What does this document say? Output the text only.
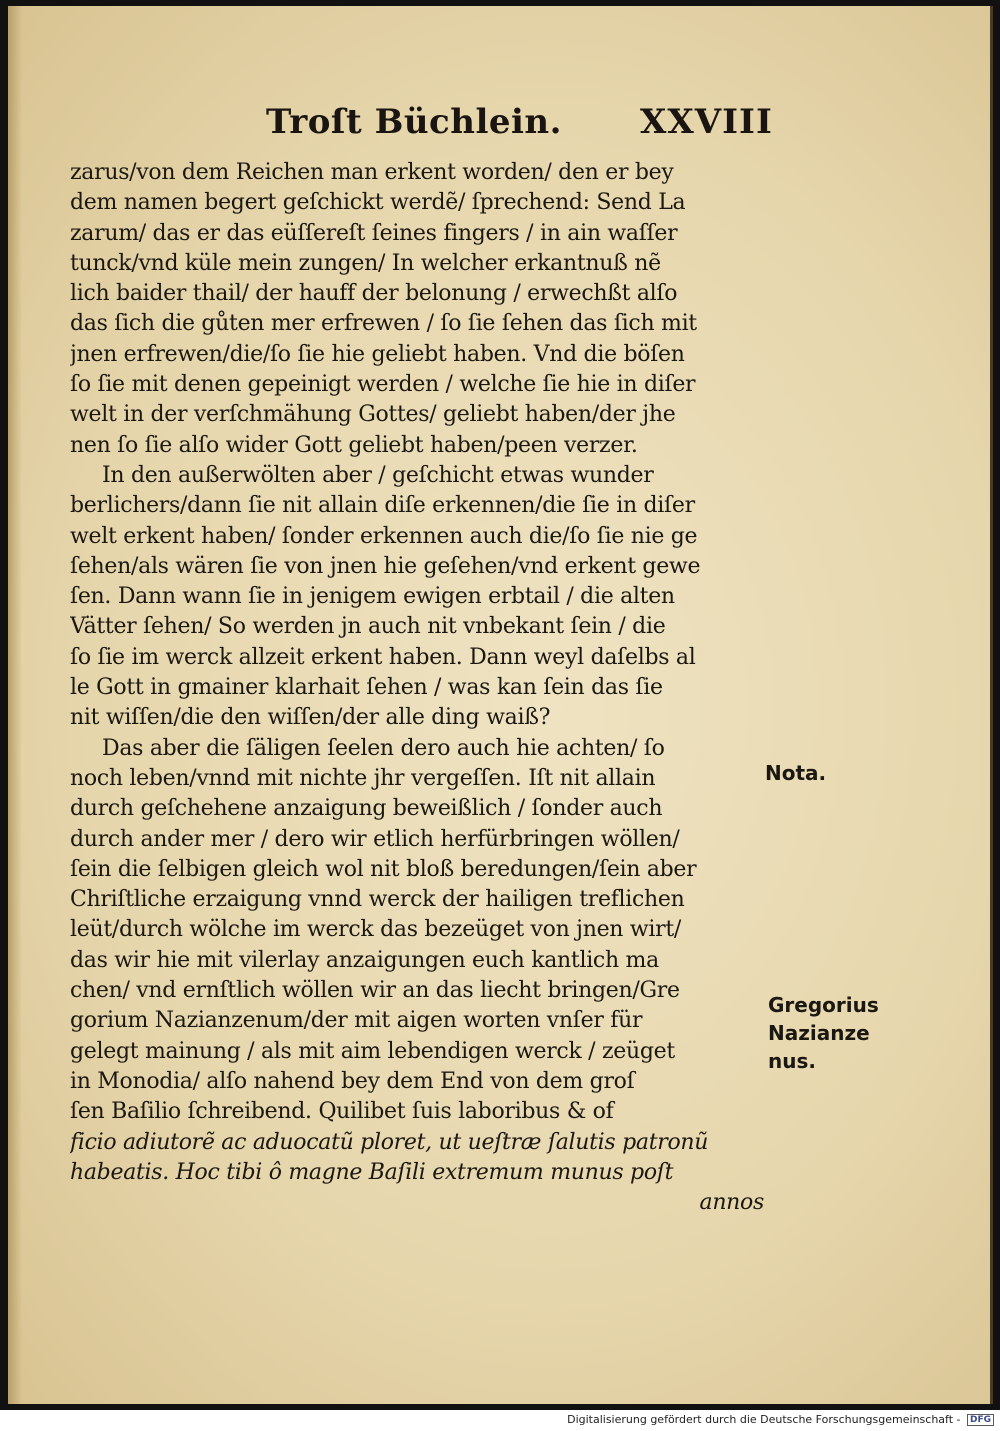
Troſt Büchlein. XXVIII
zarus/von dem Reichen man erkent worden/ den er bey
dem namen begert geſchickt werdẽ/ ſprechend: Send La
zarum/ das er das eüſſereſt ſeines fingers / in ain waſſer
tunck/vnd küle mein zungen/ In welcher erkantnuß nẽ
lich baider thail/ der hauff der belonung / erwechßt alſo
das ſich die gůten mer erfrewen / ſo ſie ſehen das ſich mit
jnen erfrewen/die/ſo ſie hie geliebt haben. Vnd die böſen
ſo ſie mit denen gepeinigt werden / welche ſie hie in diſer
welt in der verſchmähung Gottes/ geliebt haben/der jhe
nen ſo ſie alſo wider Gott geliebt haben/peen verzer.
In den außerwölten aber / geſchicht etwas wunder
berlichers/dann ſie nit allain diſe erkennen/die ſie in diſer
welt erkent haben/ ſonder erkennen auch die/ſo ſie nie ge
ſehen/als wären ſie von jnen hie geſehen/vnd erkent gewe
ſen. Dann wann ſie in jenigem ewigen erbtail / die alten
Vätter ſehen/ So werden jn auch nit vnbekant ſein / die
ſo ſie im werck allzeit erkent haben. Dann weyl daſelbs al
le Gott in gmainer klarhait ſehen / was kan ſein das ſie
nit wiſſen/die den wiſſen/der alle ding waiß?
Das aber die ſäligen ſeelen dero auch hie achten/ ſo
noch leben/vnnd mit nichte jhr vergeſſen. Iſt nit allain
durch geſchehene anzaigung beweißlich / ſonder auch
durch ander mer / dero wir etlich herfürbringen wöllen/
ſein die ſelbigen gleich wol nit bloß beredungen/ſein aber
Chriſtliche erzaigung vnnd werck der hailigen treflichen
leüt/durch wölche im werck das bezeüget von jnen wirt/
das wir hie mit vilerlay anzaigungen euch kantlich ma
chen/ vnd ernſtlich wöllen wir an das liecht bringen/Gre
gorium Nazianzenum/der mit aigen worten vnſer für
gelegt mainung / als mit aim lebendigen werck / zeüget
in Monodia/ alſo nahend bey dem End von dem groſ
ſen Baſilio ſchreibend. Quilibet ſuis laboribus & of
ficio adiutorẽ ac aduocatũ ploret, ut ueſtræ ſalutis patronũ
habeatis. Hoc tibi ô magne Baſili extremum munus poſt
annos
Nota.
Gregorius
Nazianze
nus.
Digitalisierung gefördert durch die Deutsche Forschungsgemeinschaft - DFG
